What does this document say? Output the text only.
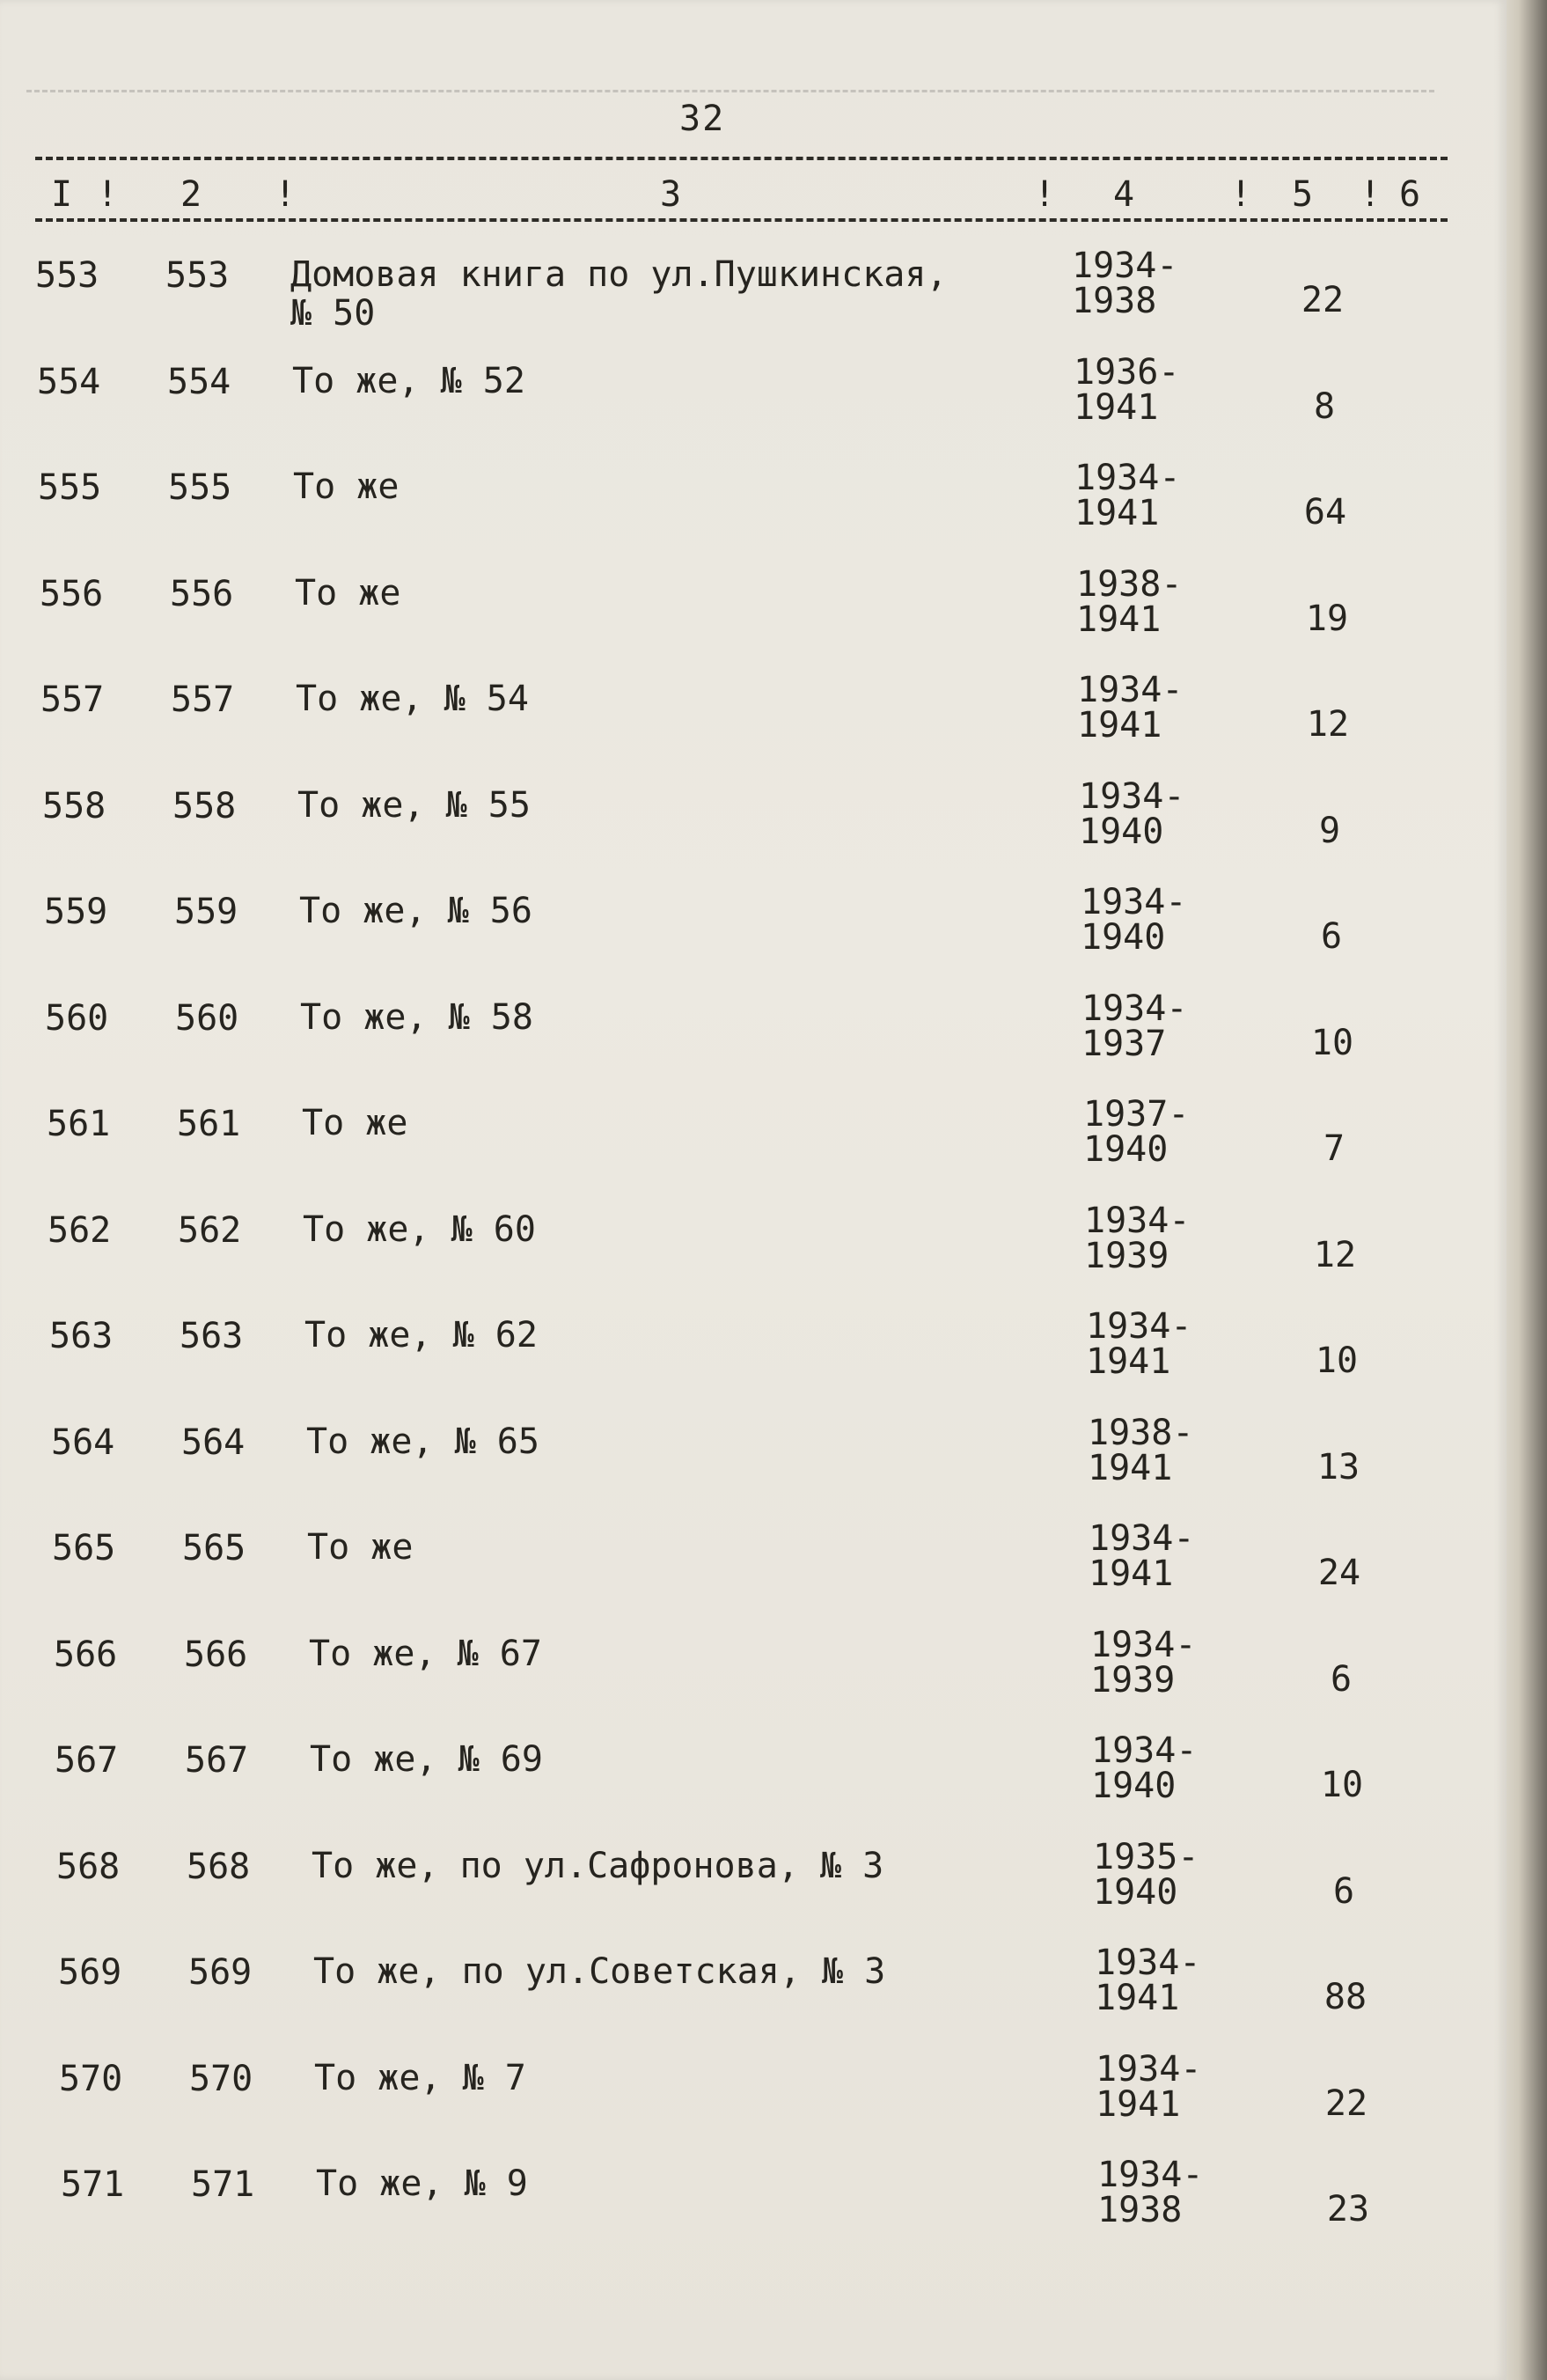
32
I ! 2 !	3	! 4	! 5 ! 6
553	553	Домовая книга по ул.Пушкинская,
№ 50
1934-
1938	22
554	554	То же, № 52	1936-
1941	8
555	555	То же	1934-
1941	64
556	556	То же	1938-
1941	19
557	557	То же, № 54	1934-
1941	12
558	558	То же, № 55	1934-
1940	9
559	559	То же, № 56	1934-
1940	6
560	560	То же, № 58	1934-
1937	10
561	561	То же	1937-
1940	7
562	562	То же, № 60	1934-
1939	12
563	563	То же, № 62	1934-
1941	10
564	564	То же, № 65	1938-
1941	13
565	565	То же	1934-
1941	24
566	566	То же, № 67	1934-
1939	6
567	567	То же, № 69	1934-
1940	10
568	568	То же, по ул.Сафронова, № 3	1935-
1940	6
569	569	То же, по ул.Советская, № 3	1934-
1941	88
570	570	То же, № 7	1934-
1941	22
571	571	То же, № 9	1934-
1938	23
